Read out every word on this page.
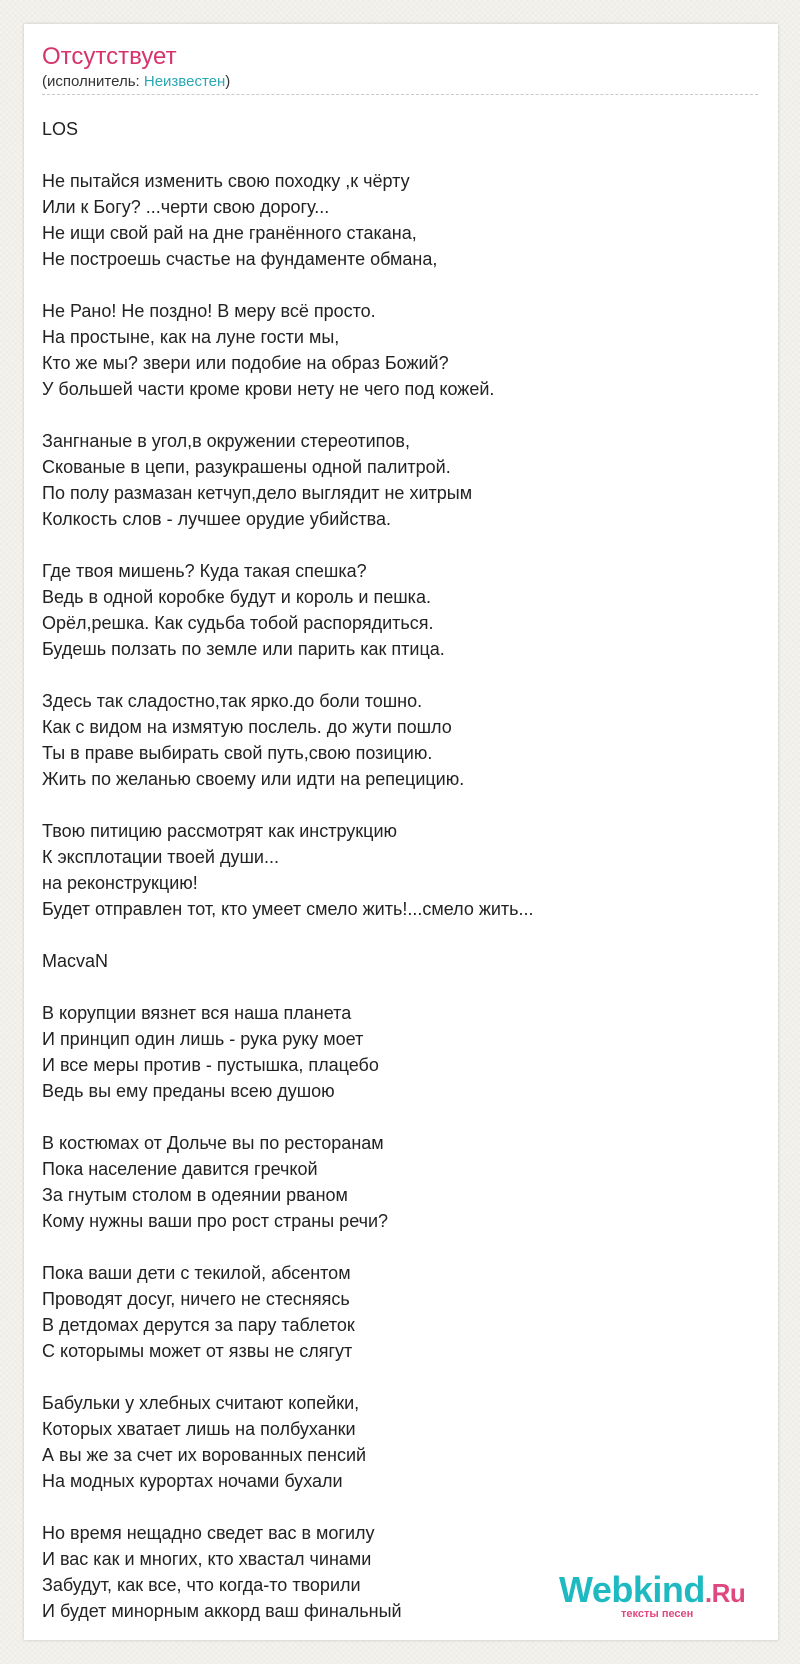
Отсутствует
(исполнитель: Неизвестен)
LOS

Не пытайся изменить свою походку ,к чёрту
Или к Богу? ...черти свою дорогу...
Не ищи свой рай на дне гранённого стакана,
Не построешь счастье на фундаменте обмана,

Не Рано! Не поздно! В меру всё просто.
На простыне, как на луне гости мы,
Кто же мы? звери или подобие на образ Божий?
У большей части кроме крови нету не чего под кожей.

Зангнаные в угол,в окружении стереотипов,
Скованые в цепи, разукрашены одной палитрой.
По полу размазан кетчуп,дело выглядит не хитрым
Колкость слов - лучшее орудие убийства.

Где твоя мишень? Куда такая спешка?
Ведь в одной коробке будут и король и пешка.
Орёл,решка. Как судьба тобой распорядиться.
Будешь ползать по земле или парить как птица.

Здесь так сладостно,так ярко.до боли тошно.
Как с видом на измятую послель. до жути пошло
Ты в праве выбирать свой путь,свою позицию.
Жить по желанью своему или идти на репецицию.

Твою питицию рассмотрят как инструкцию
К эксплотации твоей души...
на реконструкцию!
Будет отправлен тот, кто умеет смело жить!...смело жить...

MacvaN

В корупции вязнет вся наша планета
И принцип один лишь - рука руку моет
И все меры против - пустышка, плацебо
Ведь вы ему преданы всею душою

В костюмах от Дольче вы по ресторанам
Пока население давится гречкой
За гнутым столом в одеянии рваном
Кому нужны ваши про рост страны речи?

Пока ваши дети с текилой, абсентом
Проводят досуг, ничего не стесняясь
В детдомах дерутся за пару таблеток
С которымы может от язвы не слягут

Бабульки у хлебных считают копейки,
Которых хватает лишь на полбуханки
А вы же за счет их ворованных пенсий
На модных курортах ночами бухали

Но время нещадно сведет вас в могилу
И вас как и многих, кто хвастал чинами
Забудут, как все, что когда-то творили
И будет минорным аккорд ваш финальный
Webkind.Ru
тексты песен
